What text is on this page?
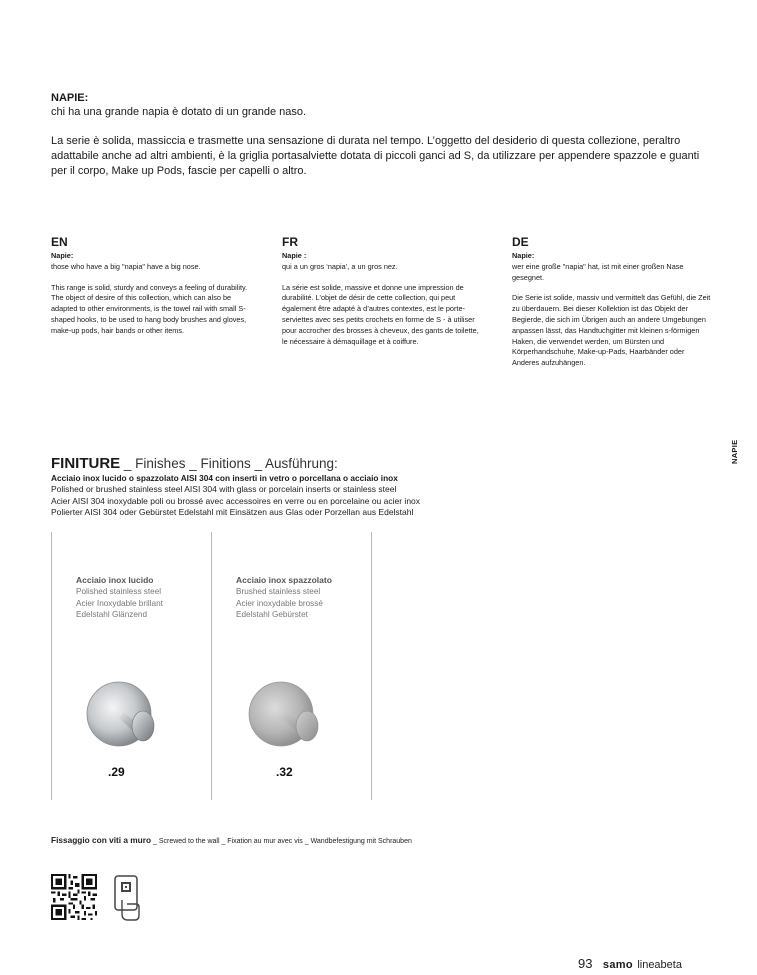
NAPIE:

chi ha una grande napia è dotato di un grande naso.

La serie è solida, massiccia e trasmette una sensazione di durata nel tempo. L’oggetto del desiderio di questa collezione, peraltro adattabile anche ad altri ambienti, è la griglia portasalviette dotata di piccoli ganci ad S, da utilizzare per appendere spazzole e guanti per il corpo, Make up Pods, fascie per capelli o altro.
EN
Napie:
those who have a big "napia" have a big nose.
This range is solid, sturdy and conveys a feeling of durability. The object of desire of this collection, which can also be adapted to other environments, is the towel rail with small S-shaped hooks, to be used to hang body brushes and gloves, make-up pods, hair bands or other items.
FR
Napie :
qui a un gros ‘napia’, a un gros nez.
La série est solide, massive et donne une impression de durabilité. L’objet de désir de cette collection, qui peut également être adapté à d’autres contextes, est le porte-serviettes avec ses petits crochets en forme de S - à utiliser pour accrocher des brosses à cheveux, des gants de toilette, le nécessaire à démaquillage et à coiffure.
DE
Napie:
wer eine große "napia" hat, ist mit einer großen Nase gesegnet.
Die Serie ist solide, massiv und vermittelt das Gefühl, die Zeit zu überdauern. Bei dieser Kollektion ist das Objekt der Begierde, die sich im Übrigen auch an andere Umgebungen anpassen lässt, das Handtuchgitter mit kleinen s-förmigen Haken, die verwendet werden, um Bürsten und Körperhandschuhe, Make-up-Pads, Haarbänder oder Anderes aufzuhängen.
NAPIE

FINITURE _ Finishes _ Finitions _ Ausführung:

Acciaio inox lucido o spazzolato AISI 304 con inserti in vetro o porcellana o acciaio inox

Polished or brushed stainless steel AISI 304 with glass or porcelain inserts or stainless steel

Acier AISI 304 inoxydable poli ou brossé avec accessoires en verre ou en porcelaine ou acier inox

Polierter AISI 304 oder Gebürstet Edelstahl mit Einsätzen aus Glas oder Porzellan aus Edelstahl

Acciaio inox lucido
Polished stainless steel
Acier Inoxydable brillant
Edelstahl Glänzend
.29
Acciaio inox spazzolato
Brushed stainless steel
Acier inoxydable brossé
Edelstahl Gebürstet
.32
Fissaggio con viti a muro _ Screwed to the wall _ Fixation au mur avec vis _ Wandbefestigung mit Schrauben
93 samo lineabeta
